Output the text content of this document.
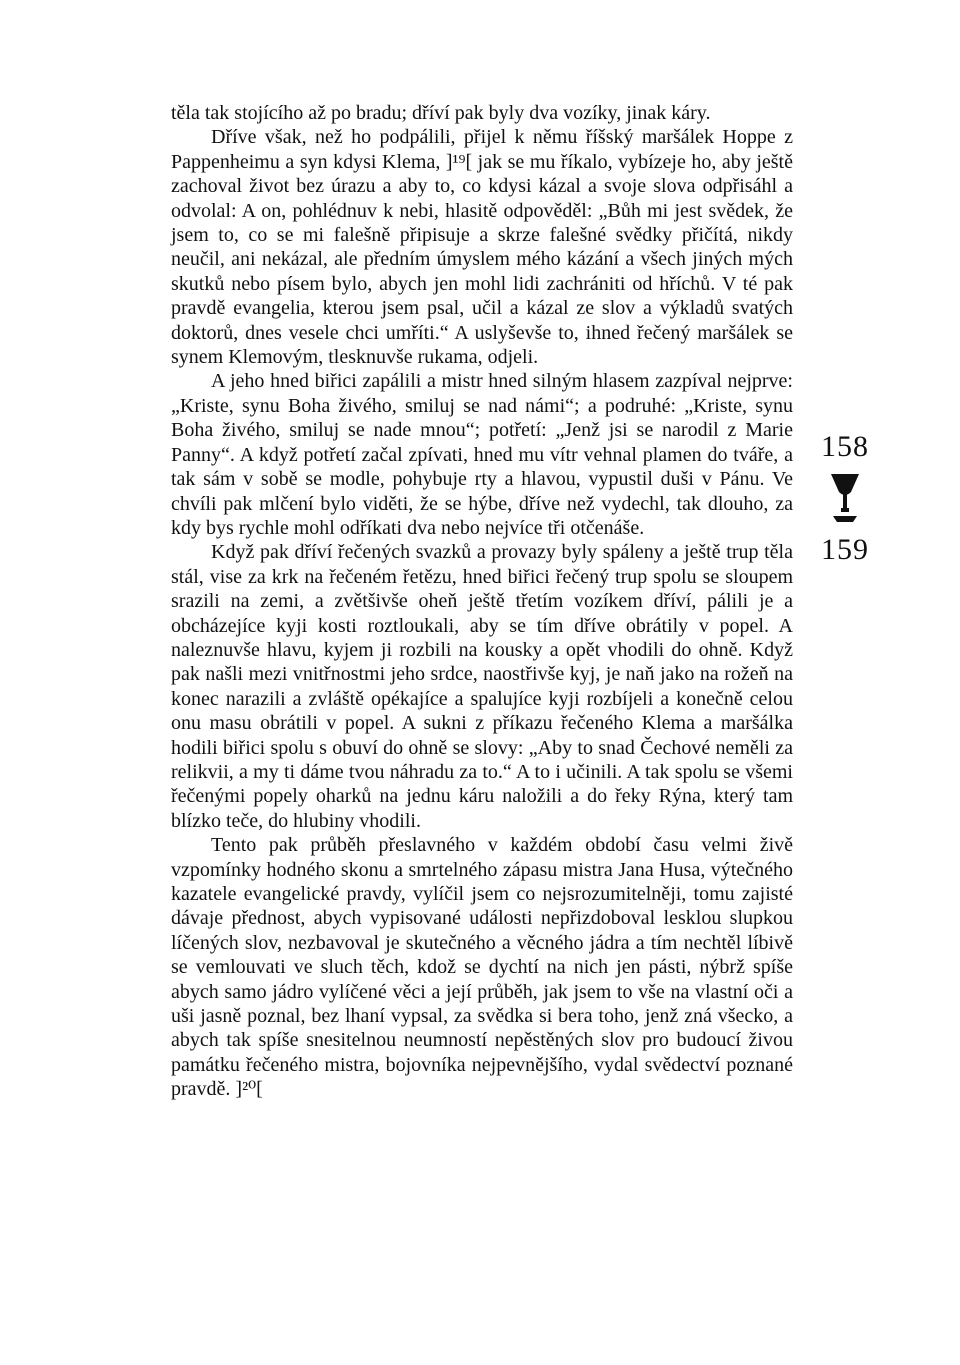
těla tak stojícího až po bradu; dříví pak byly dva vozíky, jinak káry.

Dříve však, než ho podpálili, přijel k němu říšský maršálek Hoppe z Pappenheimu a syn kdysi Klema, ]¹⁹[ jak se mu říkalo, vybízeje ho, aby ještě zachoval život bez úrazu a aby to, co kdysi kázal a svoje slova odpřisáhl a odvolal: A on, pohlédnuv k nebi, hlasitě odpověděl: „Bůh mi jest svědek, že jsem to, co se mi falešně připisuje a skrze falešné svědky přičítá, nikdy neučil, ani nekázal, ale předním úmyslem mého kázání a všech jiných mých skutků nebo písem bylo, abych jen mohl lidi zachrániti od hříchů. V té pak pravdě evangelia, kterou jsem psal, učil a kázal ze slov a výkladů svatých doktorů, dnes vesele chci umříti.“ A uslyševše to, ihned řečený maršálek se synem Klemovým, tlesknuvše rukama, odjeli.

A jeho hned biřici zapálili a mistr hned silným hlasem zazpíval nejprve: „Kriste, synu Boha živého, smiluj se nad námi“; a podruhé: „Kriste, synu Boha živého, smiluj se nade mnou“; potřetí: „Jenž jsi se narodil z Marie Panny“. A když potřetí začal zpívati, hned mu vítr vehnal plamen do tváře, a tak sám v sobě se modle, pohybuje rty a hlavou, vypustil duši v Pánu. Ve chvíli pak mlčení bylo viděti, že se hýbe, dříve než vydechl, tak dlouho, za kdy bys rychle mohl odříkati dva nebo nejvíce tři otčenáše.

Když pak dříví řečených svazků a provazy byly spáleny a ještě trup těla stál, vise za krk na řečeném řetězu, hned biřici řečený trup spolu se sloupem srazili na zemi, a zvětšivše oheň ještě třetím vozíkem dříví, pálili je a obcházejíce kyji kosti roztloukali, aby se tím dříve obrátily v popel. A naleznuvše hlavu, kyjem ji rozbili na kousky a opět vhodili do ohně. Když pak našli mezi vnitřnostmi jeho srdce, naostřivše kyj, je naň jako na rožeň na konec narazili a zvláště opékajíce a spalujíce kyji rozbíjeli a konečně celou onu masu obrátili v popel. A sukni z příkazu řečeného Klema a maršálka hodili biřici spolu s obuví do ohně se slovy: „Aby to snad Čechové neměli za relikvii, a my ti dáme tvou náhradu za to.“ A to i učinili. A tak spolu se všemi řečenými popely oharků na jednu káru naložili a do řeky Rýna, který tam blízko teče, do hlubiny vhodili.

Tento pak průběh přeslavného v každém období času velmi živě vzpomínky hodného skonu a smrtelného zápasu mistra Jana Husa, výtečného kazatele evangelické pravdy, vylíčil jsem co nejsrozumitelněji, tomu zajisté dávaje přednost, abych vypisované události nepřizdoboval lesklou slupkou líčených slov, nezbavoval je skutečného a věcného jádra a tím nechtěl líbivě se vemlouvati ve sluch těch, kdož se dychtí na nich jen pásti, nýbrž spíše abych samo jádro vylíčené věci a její průběh, jak jsem to vše na vlastní oči a uši jasně poznal, bez lhaní vypsal, za svědka si bera toho, jenž zná všecko, a abych tak spíše snesitelnou neumností nepěstěných slov pro budoucí živou památku řečeného mistra, bojovníka nejpevnějšího, vydal svědectví poznané pravdě. ]²⁰[

158
159
